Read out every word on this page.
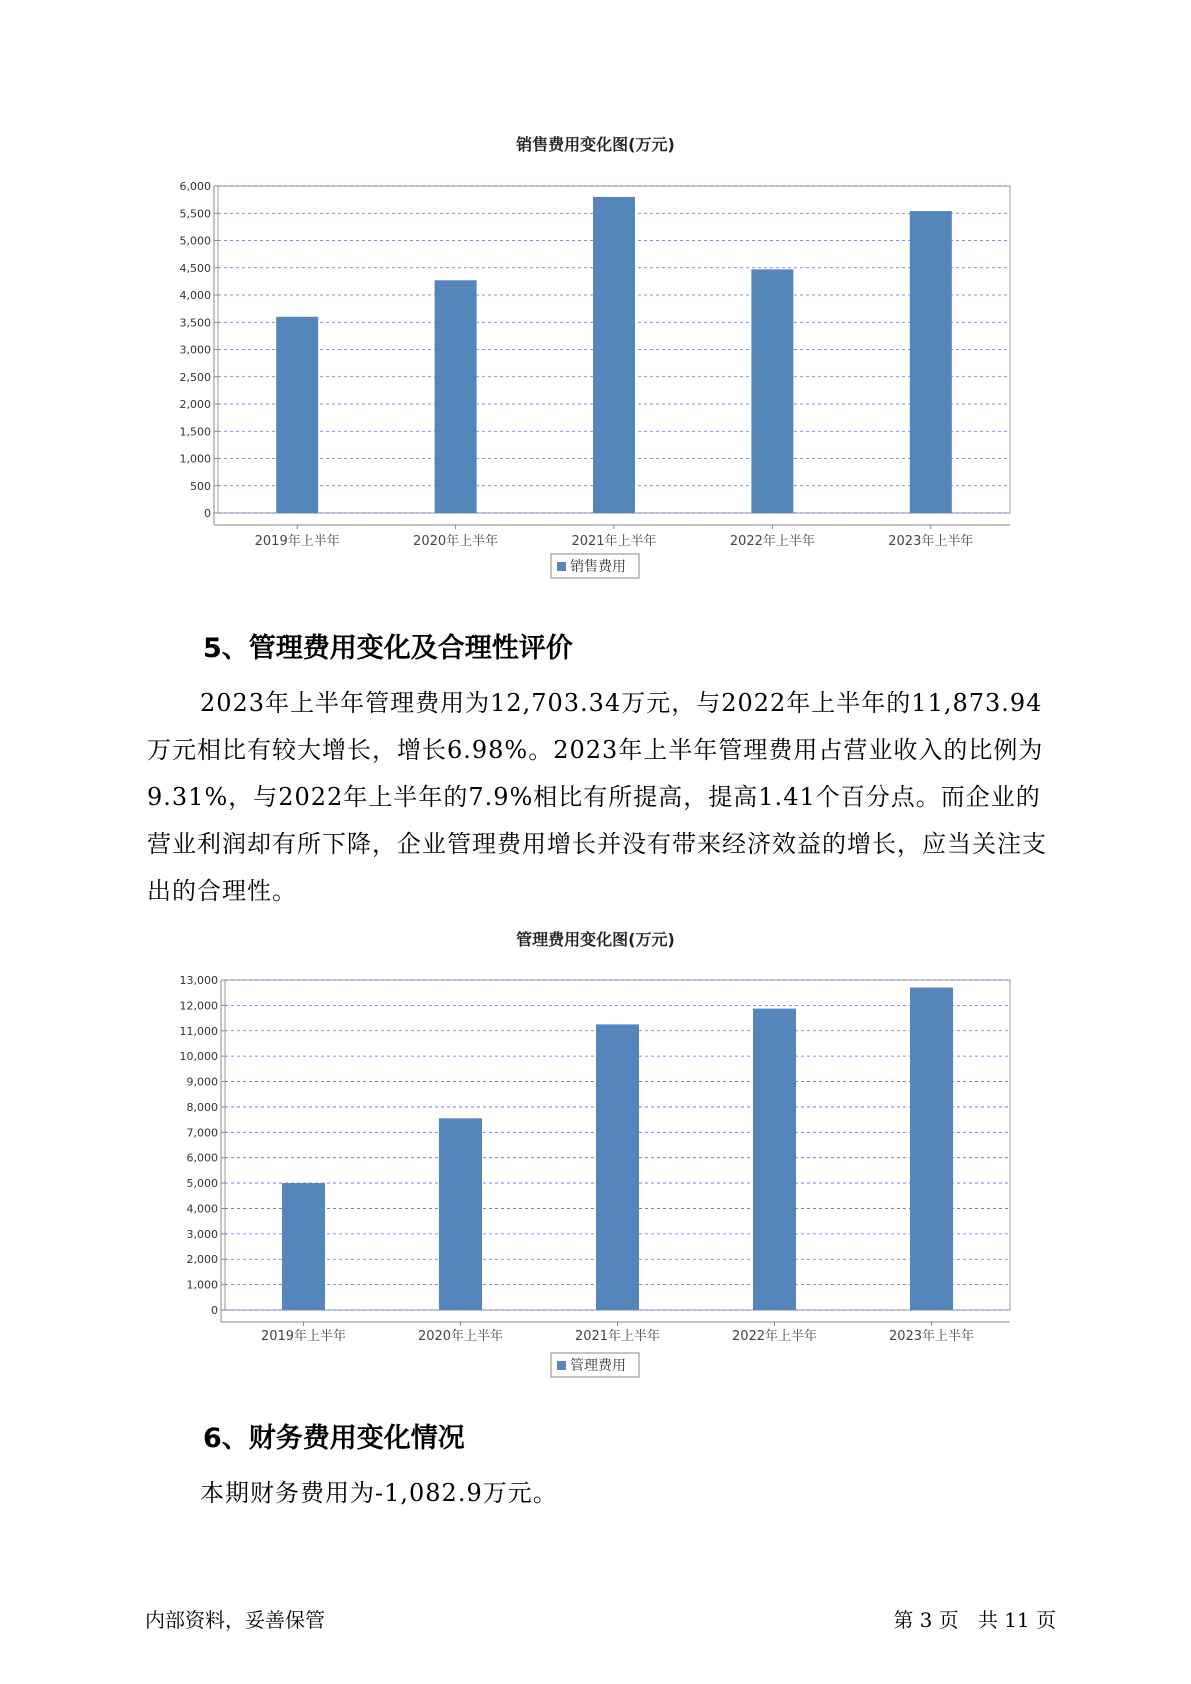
销售费用变化图(万元)
0
500
1,000
1,500
2,000
2,500
3,000
3,500
4,000
4,500
5,000
5,500
6,000
2019年上半年	2020年上半年	2021年上半年	2022年上半年	2023年上半年
销售费用
5、管理费用变化及合理性评价
2023年上半年管理费用为12,703.34万元，与2022年上半年的11,873.94万元相比有较大增长，增长6.98%。2023年上半年管理费用占营业收入的比例为9.31%，与2022年上半年的7.9%相比有所提高，提高1.41个百分点。而企业的营业利润却有所下降，企业管理费用增长并没有带来经济效益的增长，应当关注支出的合理性。
管理费用变化图(万元)
0
1,000
2,000
3,000
4,000
5,000
6,000
7,000
8,000
9,000
10,000
11,000
12,000
13,000
2019年上半年	2020年上半年	2021年上半年	2022年上半年	2023年上半年
管理费用
6、财务费用变化情况
本期财务费用为-1,082.9万元。
内部资料，妥善保管	第 3 页   共 11 页
